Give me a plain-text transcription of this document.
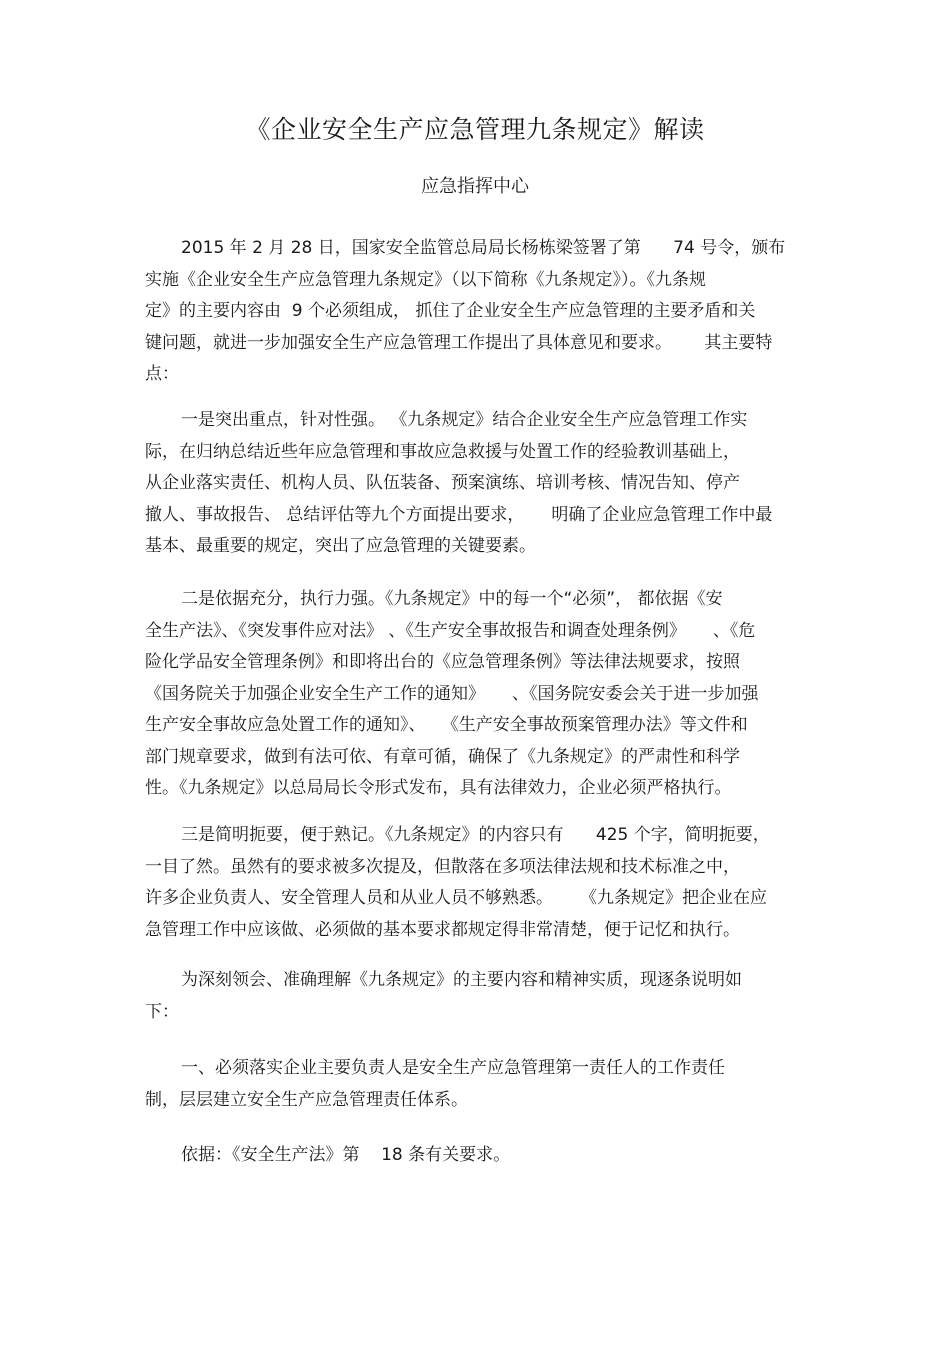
《企业安全生产应急管理九条规定》解读
应急指挥中心
2015 年 2 月 28 日，国家安全监管总局局长杨栋梁签署了第      74 号令，颁布
实施《企业安全生产应急管理九条规定》（以下简称《九条规定》）。《九条规
定》的主要内容由  9 个必须组成， 抓住了企业安全生产应急管理的主要矛盾和关
键问题，就进一步加强安全生产应急管理工作提出了具体意见和要求。      其主要特
点：
一是突出重点，针对性强。 《九条规定》结合企业安全生产应急管理工作实
际，在归纳总结近些年应急管理和事故应急救援与处置工作的经验教训基础上，
从企业落实责任、机构人员、队伍装备、预案演练、培训考核、情况告知、停产
撤人、事故报告、 总结评估等九个方面提出要求，     明确了企业应急管理工作中最
基本、最重要的规定，突出了应急管理的关键要素。
二是依据充分，执行力强。《九条规定》中的每一个“必须”， 都依据《安
全生产法》、《突发事件应对法》 、《生产安全事故报告和调查处理条例》     、《危
险化学品安全管理条例》和即将出台的《应急管理条例》等法律法规要求，按照
《国务院关于加强企业安全生产工作的通知》     、《国务院安委会关于进一步加强
生产安全事故应急处置工作的通知》、   《生产安全事故预案管理办法》等文件和
部门规章要求，做到有法可依、有章可循，确保了《九条规定》的严肃性和科学
性。《九条规定》以总局局长令形式发布，具有法律效力，企业必须严格执行。
三是简明扼要，便于熟记。《九条规定》的内容只有      425 个字，简明扼要，
一目了然。虽然有的要求被多次提及，但散落在多项法律法规和技术标准之中，
许多企业负责人、安全管理人员和从业人员不够熟悉。     《九条规定》把企业在应
急管理工作中应该做、必须做的基本要求都规定得非常清楚，便于记忆和执行。
为深刻领会、准确理解《九条规定》的主要内容和精神实质，现逐条说明如
下：
一、必须落实企业主要负责人是安全生产应急管理第一责任人的工作责任
制，层层建立安全生产应急管理责任体系。
依据：《安全生产法》第    18 条有关要求。
